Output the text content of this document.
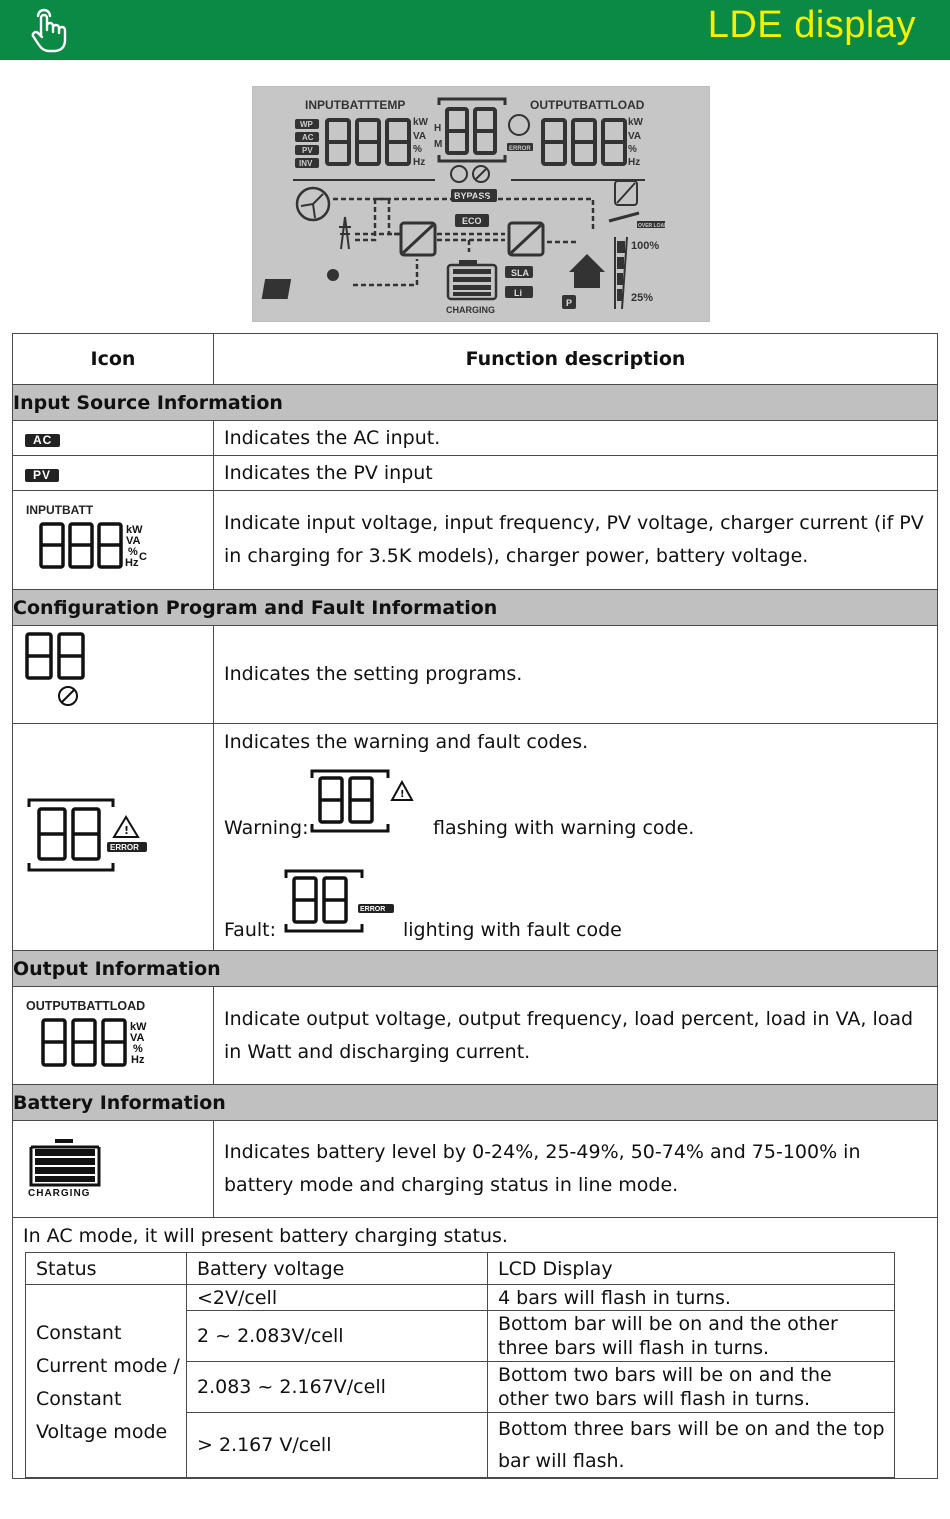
LDE display
INPUTBATTTEMP	OUTPUTBATTLOAD
WP
AC
PV
INV
kW
VA
%
Hz
H
M	ERROR
kW
VA
%
Hz
BYPASS
ECO
CHARGING
SLA
Li
P
OVER LOAD
100%
25%
Icon	Function description
Input Source Information
AC	Indicates the AC input.
PV	Indicates the PV input

INPUTBATT
kW
VA
%
Hz C
	Indicate input voltage, input frequency, PV voltage, charger current (if PV in charging for 3.5K models), charger power, battery voltage.
Configuration Program and Fault Information
	Indicates the setting programs.

!
ERROR

Indicates the warning and fault codes.
Warning:
!
flashing with warning code.
Fault:
ERROR
lighting with fault code

Output Information

OUTPUTBATTLOAD
kW
VA
%
Hz
	Indicate output voltage, output frequency, load percent, load in VA, load in Watt and discharging current.
Battery Information

CHARGING
	Indicates battery level by 0-24%, 25-49%, 50-74% and 75-100% in battery mode and charging status in line mode.

In AC mode, it will present battery charging status.
Status	Battery voltage	LCD Display

Constant
Current mode /
Constant
Voltage mode
	<2V/cell	4 bars will flash in turns.
2 ~ 2.083V/cell	Bottom bar will be on and the other three bars will flash in turns.
2.083 ~ 2.167V/cell	Bottom two bars will be on and the other two bars will flash in turns.
> 2.167 V/cell	Bottom three bars will be on and the top bar will flash.
